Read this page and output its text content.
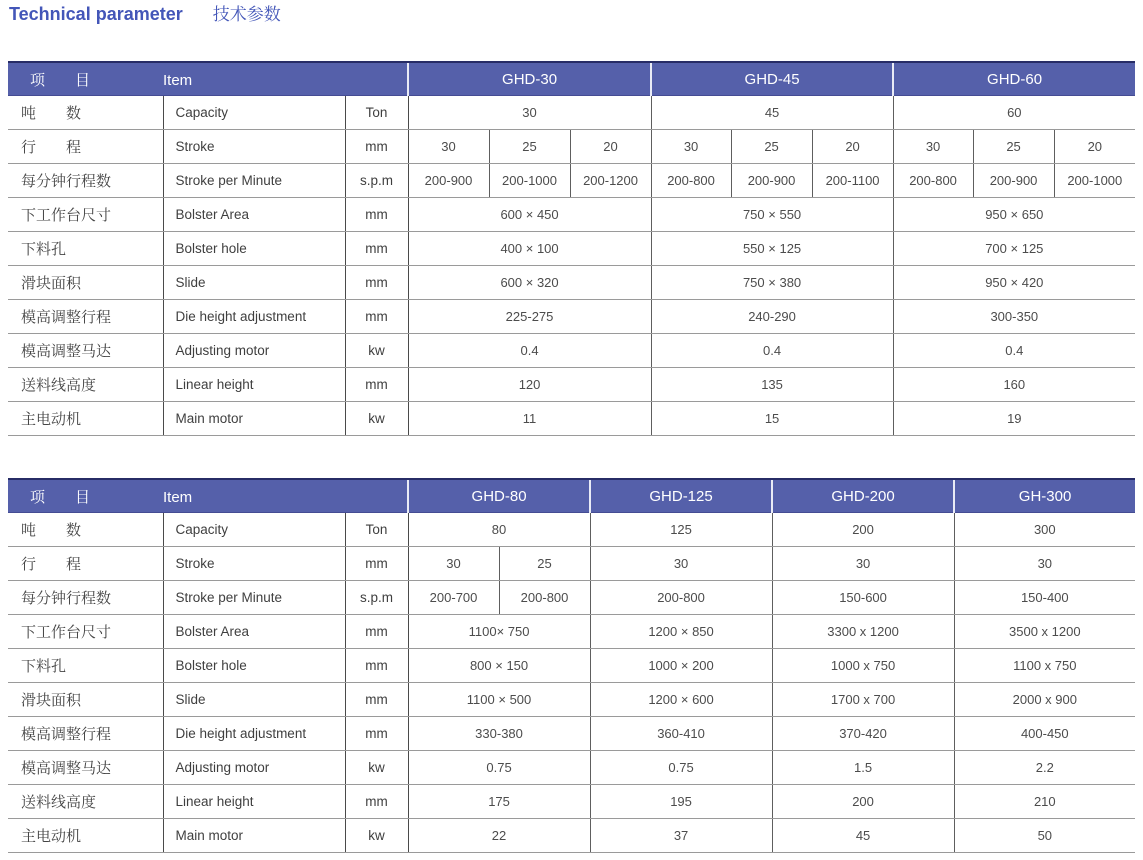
Technical parameter 技术参数
项　　目 Item			GHD-30			GHD-45			GHD-60		
吨　　数	Capacity	Ton	30			45			60		
行　　程	Stroke	mm	30	25	20	30	25	20	30	25	20
每分钟行程数	Stroke per Minute	s.p.m	200-900	200-1000	200-1200	200-800	200-900	200-1100	200-800	200-900	200-1000
下工作台尺寸	Bolster Area	mm	600 × 450			750 × 550			950 × 650		
下料孔	Bolster hole	mm	400 × 100			550 × 125			700 × 125		
滑块面积	Slide	mm	600 × 320			750 × 380			950 × 420		
模高调整行程	Die height adjustment	mm	225-275			240-290			300-350		
模高调整马达	Adjusting motor	kw	0.4			0.4			0.4		
送料线高度	Linear height	mm	120			135			160		
主电动机	Main motor	kw	11			15			19		
项　　目 Item			GHD-80		GHD-125	GHD-200	GH-300
吨　　数	Capacity	Ton	80		125	200	300
行　　程	Stroke	mm	30	25	30	30	30
每分钟行程数	Stroke per Minute	s.p.m	200-700	200-800	200-800	150-600	150-400
下工作台尺寸	Bolster Area	mm	1100× 750		1200 × 850	3300 x 1200	3500 x 1200
下料孔	Bolster hole	mm	800 × 150		1000 × 200	1000 x 750	1100 x 750
滑块面积	Slide	mm	1100 × 500		1200 × 600	1700 x 700	2000 x 900
模高调整行程	Die height adjustment	mm	330-380		360-410	370-420	400-450
模高调整马达	Adjusting motor	kw	0.75		0.75	1.5	2.2
送料线高度	Linear height	mm	175		195	200	210
主电动机	Main motor	kw	22		37	45	50
